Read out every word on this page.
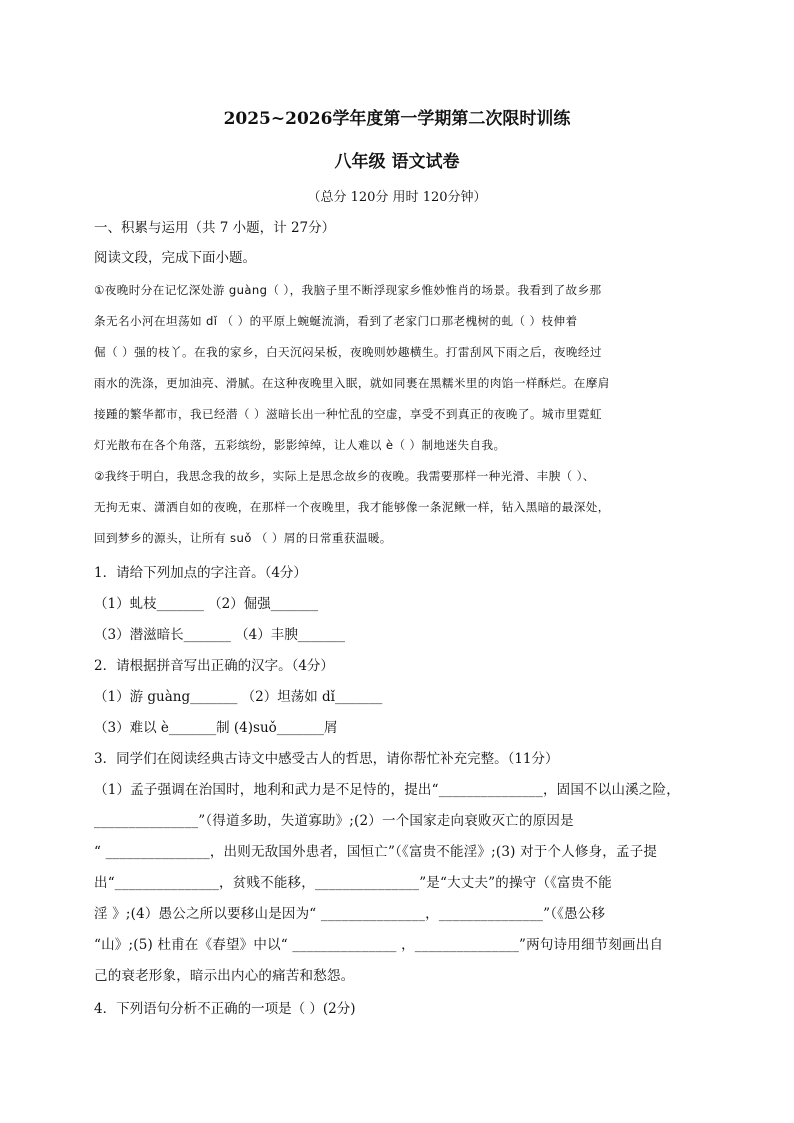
2025~2026学年度第一学期第二次限时训练
八年级 语文试卷
（总分 120分 用时 120分钟）
一、积累与运用（共 7 小题，计 27分）
阅读文段，完成下面小题。
①夜晚时分在记忆深处游 guàng（ ），我脑子里不断浮现家乡惟妙惟肖的场景。我看到了故乡那
条无名小河在坦荡如 dǐ （ ）的平原上蜿蜒流淌，看到了老家门口那老槐树的虬（ ）枝伸着
倔（ ）强的枝丫。在我的家乡，白天沉闷呆板，夜晚则妙趣横生。打雷刮风下雨之后，夜晚经过
雨水的洗涤，更加油亮、滑腻。在这种夜晚里入眠，就如同裹在黑糯米里的肉馅一样酥烂。在摩肩
接踵的繁华都市，我已经潜（ ）滋暗长出一种忙乱的空虚，享受不到真正的夜晚了。城市里霓虹
灯光散布在各个角落，五彩缤纷，影影绰绰，让人难以 è（ ）制地迷失自我。
②我终于明白，我思念我的故乡，实际上是思念故乡的夜晚。我需要那样一种光滑、丰腴（ ）、
无拘无束、潇洒自如的夜晚，在那样一个夜晚里，我才能够像一条泥鳅一样，钻入黑暗的最深处，
回到梦乡的源头，让所有 suǒ （ ）屑的日常重获温暖。
1．请给下列加点的字注音。（4分）
（1）虬枝_______ （2）倔强_______
（3）潜滋暗长_______ （4）丰腴_______
2．请根据拼音写出正确的汉字。（4分）
（1）游 guàng_______ （2）坦荡如 dǐ_______
（3）难以 è_______制 (4)suǒ_______屑
3．同学们在阅读经典古诗文中感受古人的哲思，请你帮忙补充完整。（11分）
（1）孟子强调在治国时，地利和武力是不足恃的，提出“_______________，固国不以山溪之险，
_______________”（得道多助，失道寡助》;(2）一个国家走向衰败灭亡的原因是
“ _______________，出则无敌国外患者，国恒亡”（《富贵不能淫》;(3) 对于个人修身，孟子提
出“_______________，贫贱不能移，_______________”是“大丈夫”的操守（《富贵不能
淫 》;(4）愚公之所以要移山是因为“ _______________，_______________”（《愚公移
“山》;(5) 杜甫在《春望》中以“ _______________ ，_______________”两句诗用细节刻画出自
己的衰老形象，暗示出内心的痛苦和愁怨。
4．下列语句分析不正确的一项是（ ）(2分)
